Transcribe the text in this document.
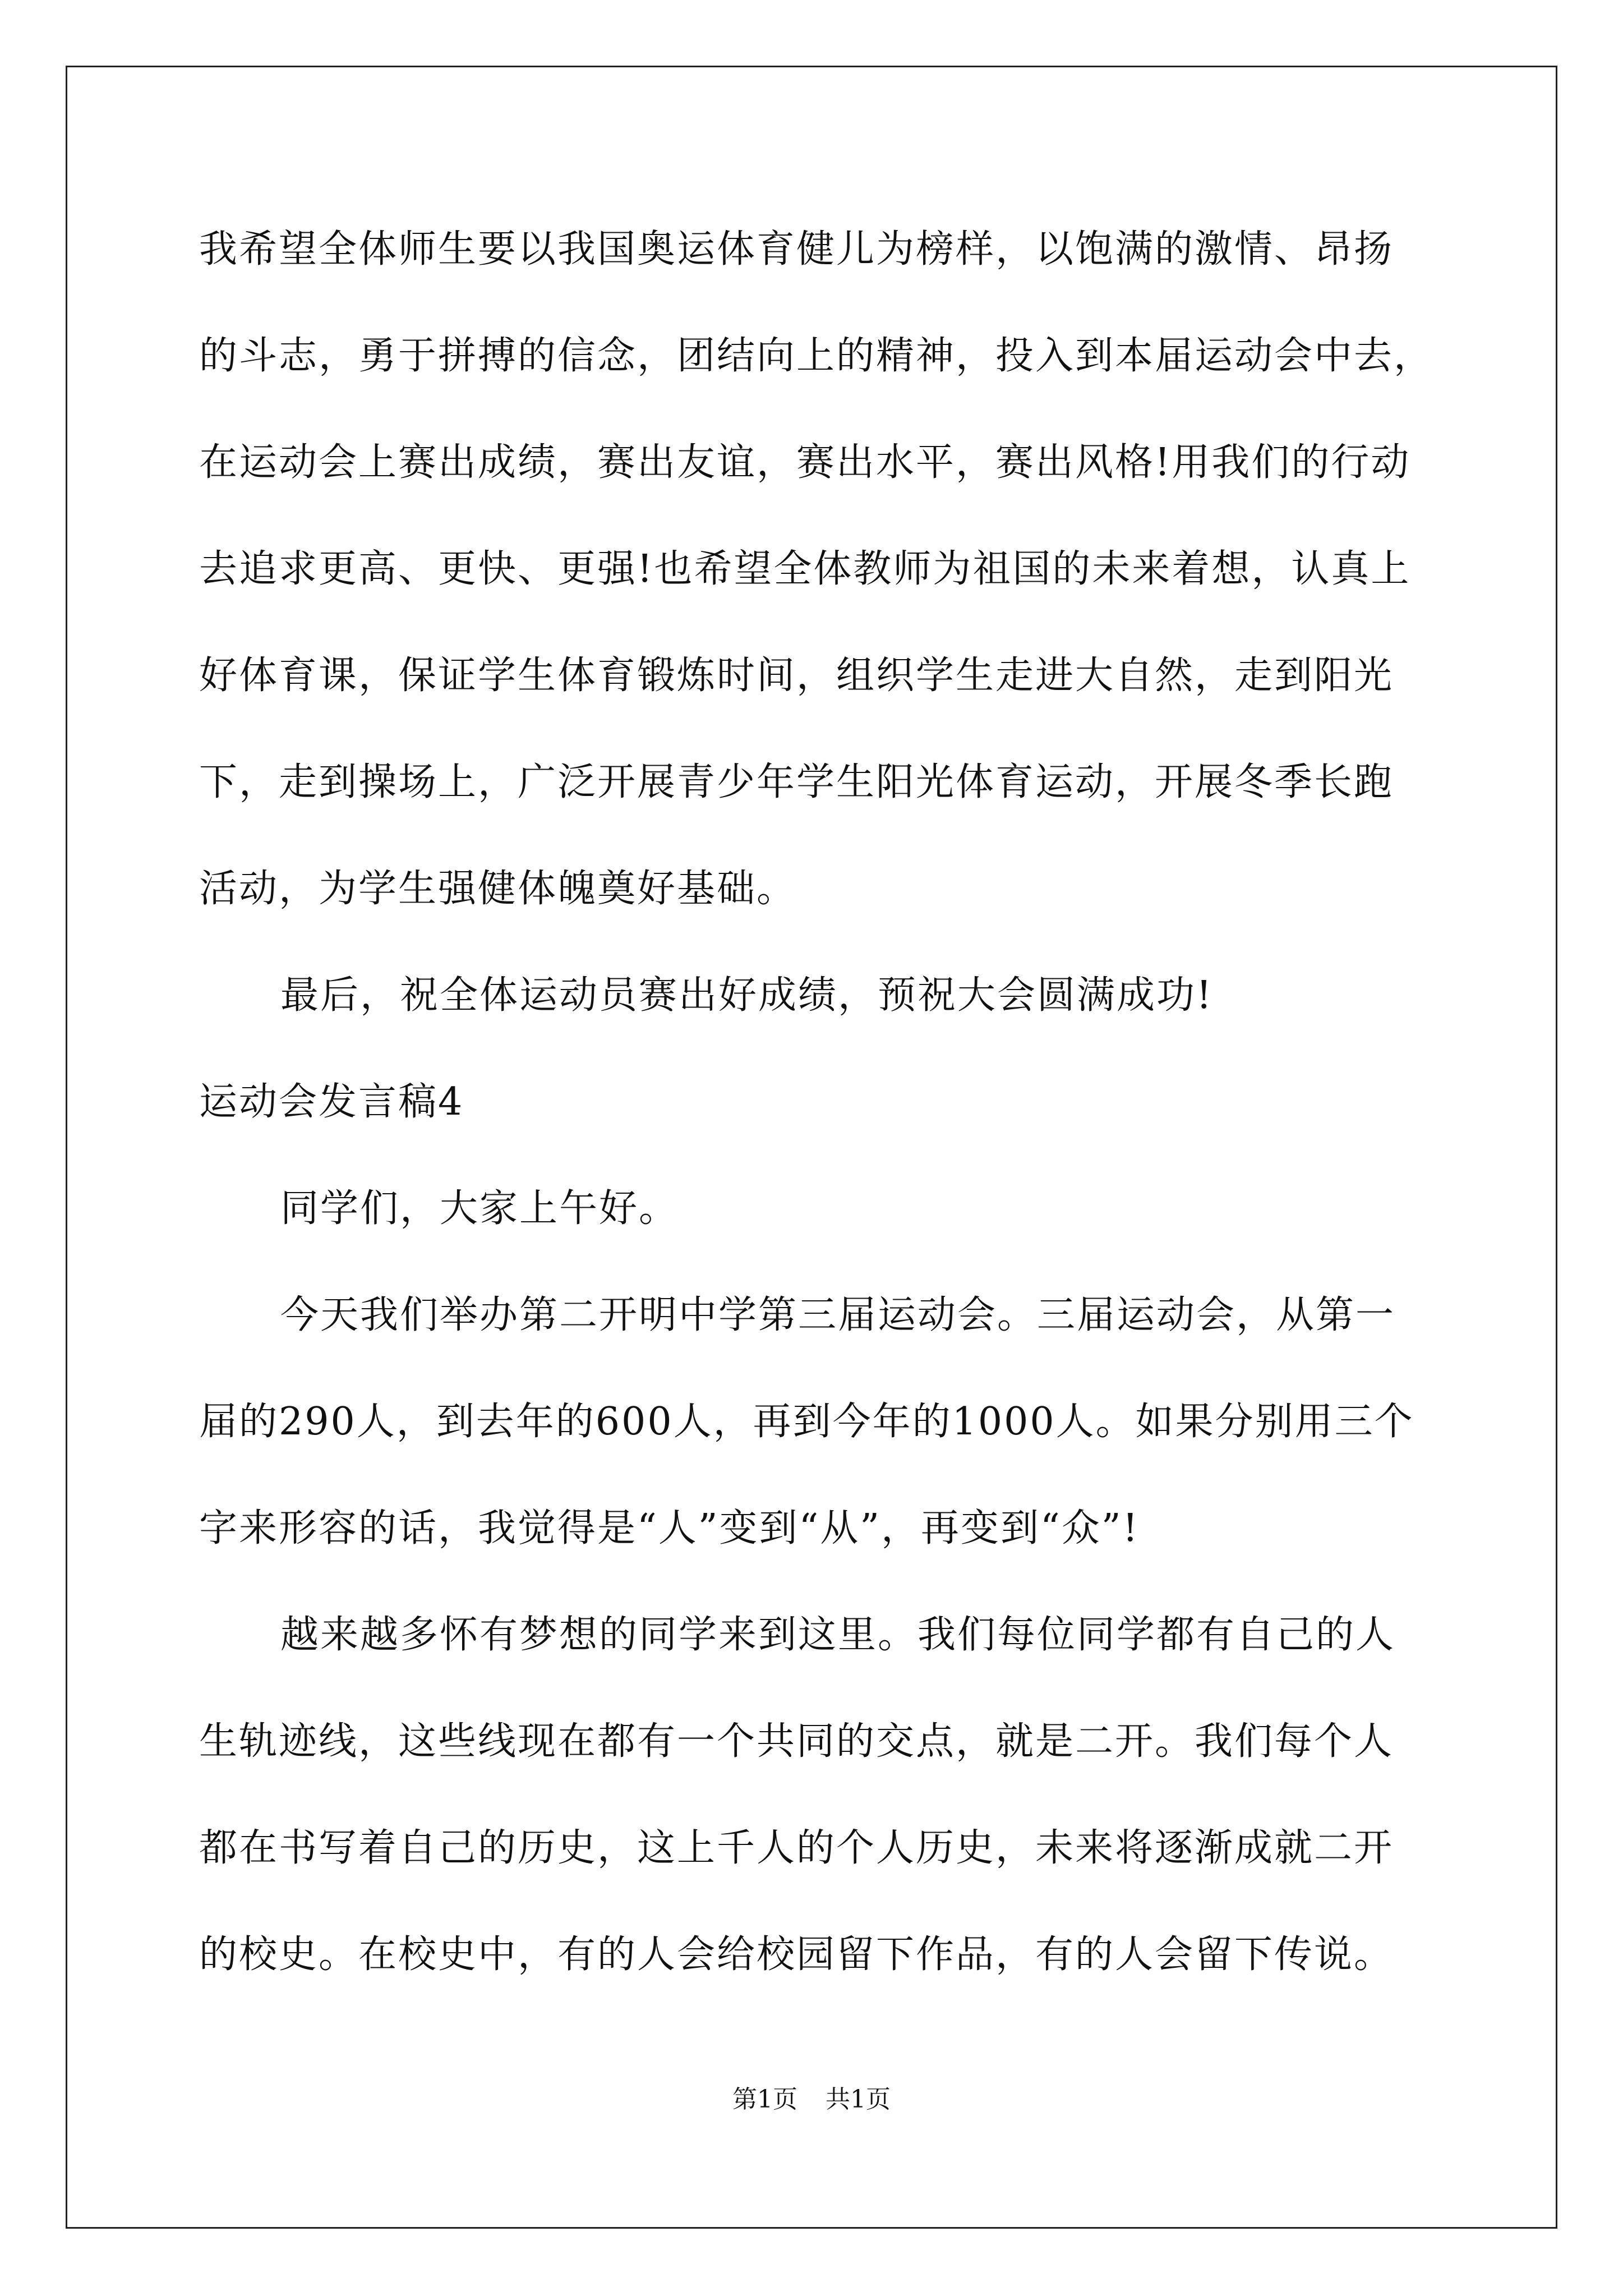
我希望全体师生要以我国奥运体育健儿为榜样，以饱满的激情、昂扬
的斗志，勇于拼搏的信念，团结向上的精神，投入到本届运动会中去，
在运动会上赛出成绩，赛出友谊，赛出水平，赛出风格!用我们的行动
去追求更高、更快、更强!也希望全体教师为祖国的未来着想，认真上
好体育课，保证学生体育锻炼时间，组织学生走进大自然，走到阳光
下，走到操场上，广泛开展青少年学生阳光体育运动，开展冬季长跑
活动，为学生强健体魄奠好基础。
最后，祝全体运动员赛出好成绩，预祝大会圆满成功!
运动会发言稿4
同学们，大家上午好。
今天我们举办第二开明中学第三届运动会。三届运动会，从第一
届的290人，到去年的600人，再到今年的1000人。如果分别用三个
字来形容的话，我觉得是“人”变到“从”，再变到“众”!
越来越多怀有梦想的同学来到这里。我们每位同学都有自己的人
生轨迹线，这些线现在都有一个共同的交点，就是二开。我们每个人
都在书写着自己的历史，这上千人的个人历史，未来将逐渐成就二开
的校史。在校史中，有的人会给校园留下作品，有的人会留下传说。
第1页 共1页
